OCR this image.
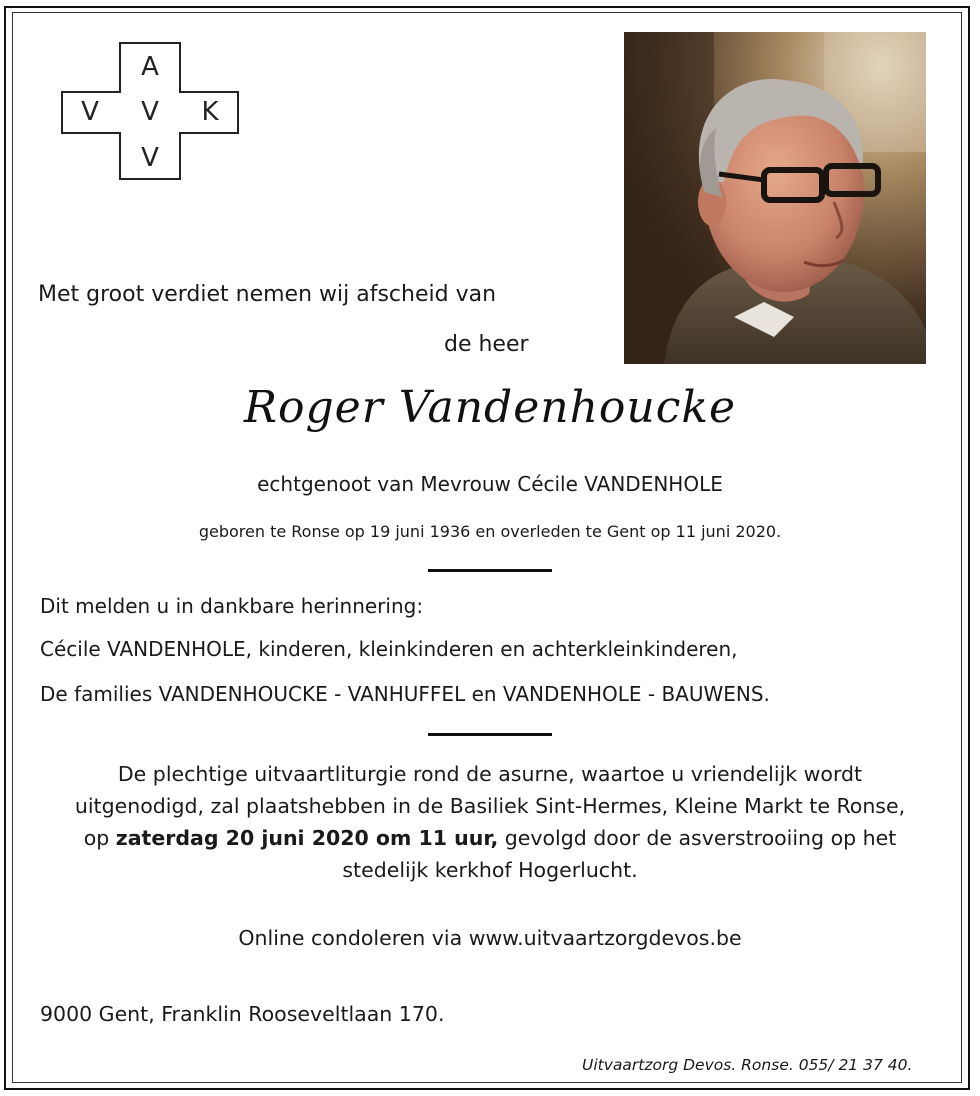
A
V V K
V
Met groot verdiet nemen wij afscheid van
de heer
Roger Vandenhoucke
echtgenoot van Mevrouw Cécile VANDENHOLE
geboren te Ronse op 19 juni 1936 en overleden te Gent op 11 juni 2020.
Dit melden u in dankbare herinnering:
Cécile VANDENHOLE, kinderen, kleinkinderen en achterkleinkinderen,
De families VANDENHOUCKE - VANHUFFEL en VANDENHOLE - BAUWENS.
De plechtige uitvaartliturgie rond de asurne, waartoe u vriendelijk wordt uitgenodigd, zal plaatshebben in de Basiliek Sint-Hermes, Kleine Markt te Ronse, op zaterdag 20 juni 2020 om 11 uur, gevolgd door de asverstrooiing op het stedelijk kerkhof Hogerlucht.
Online condoleren via www.uitvaartzorgdevos.be
9000 Gent, Franklin Rooseveltlaan 170.
Uitvaartzorg Devos. Ronse. 055/ 21 37 40.
